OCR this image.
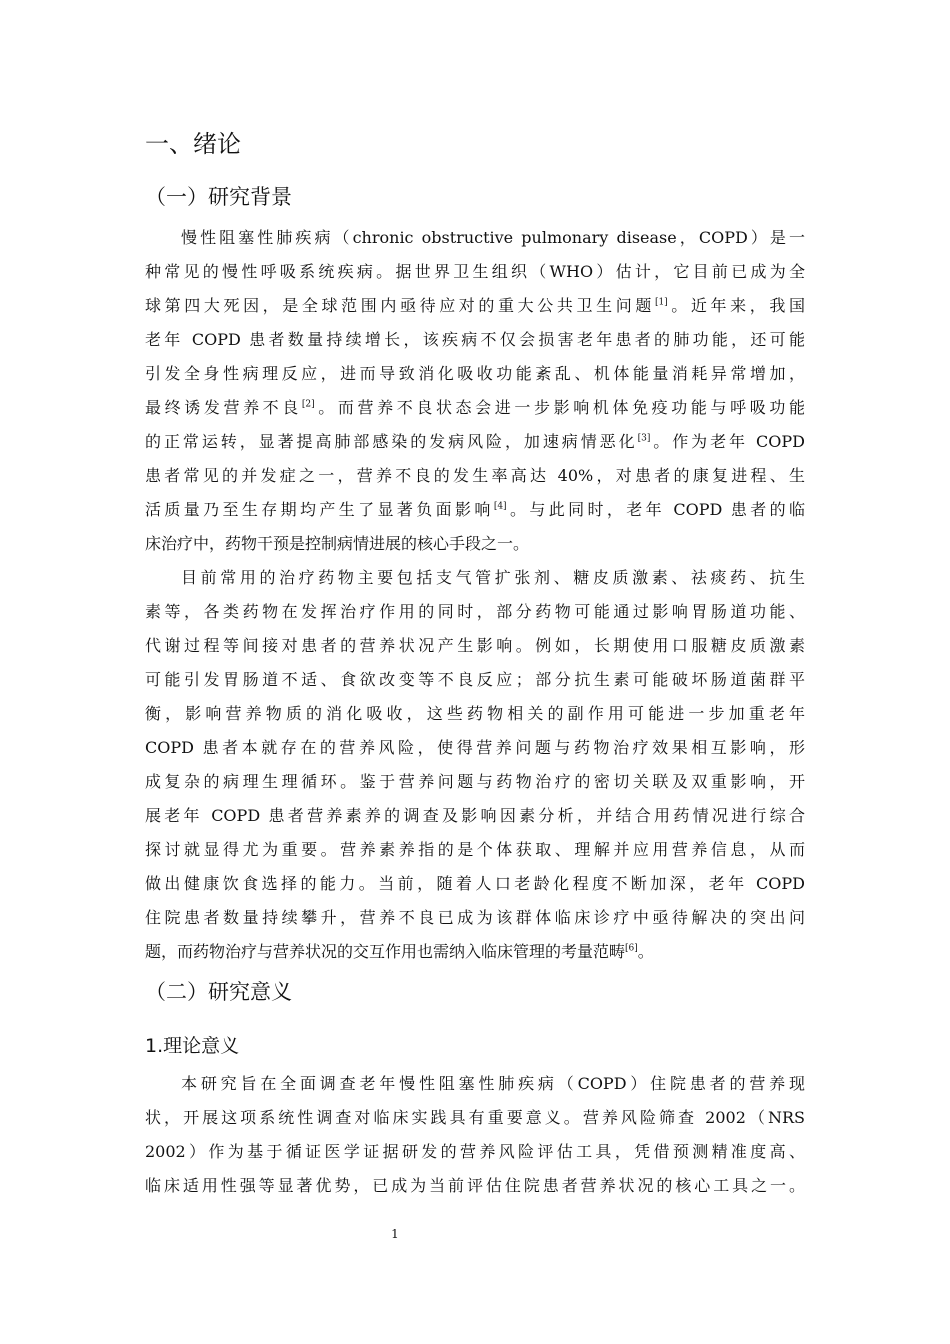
一、绪论
（一）研究背景
慢性阻塞性肺疾病（chronic obstructive pulmonary disease，COPD）是一
种常见的慢性呼吸系统疾病。据世界卫生组织（WHO）估计，它目前已成为全
球第四大死因，是全球范围内亟待应对的重大公共卫生问题[1]。近年来，我国
老年 COPD 患者数量持续增长，该疾病不仅会损害老年患者的肺功能，还可能
引发全身性病理反应，进而导致消化吸收功能紊乱、机体能量消耗异常增加，
最终诱发营养不良[2]。而营养不良状态会进一步影响机体免疫功能与呼吸功能
的正常运转，显著提高肺部感染的发病风险，加速病情恶化[3]。作为老年 COPD
患者常见的并发症之一，营养不良的发生率高达 40%，对患者的康复进程、生
活质量乃至生存期均产生了显著负面影响[4]。与此同时，老年 COPD 患者的临
床治疗中，药物干预是控制病情进展的核心手段之一。
目前常用的治疗药物主要包括支气管扩张剂、糖皮质激素、祛痰药、抗生
素等，各类药物在发挥治疗作用的同时，部分药物可能通过影响胃肠道功能、
代谢过程等间接对患者的营养状况产生影响。例如，长期使用口服糖皮质激素
可能引发胃肠道不适、食欲改变等不良反应；部分抗生素可能破坏肠道菌群平
衡，影响营养物质的消化吸收，这些药物相关的副作用可能进一步加重老年
COPD 患者本就存在的营养风险，使得营养问题与药物治疗效果相互影响，形
成复杂的病理生理循环。鉴于营养问题与药物治疗的密切关联及双重影响，开
展老年 COPD 患者营养素养的调查及影响因素分析，并结合用药情况进行综合
探讨就显得尤为重要。营养素养指的是个体获取、理解并应用营养信息，从而
做出健康饮食选择的能力。当前，随着人口老龄化程度不断加深，老年 COPD
住院患者数量持续攀升，营养不良已成为该群体临床诊疗中亟待解决的突出问
题，而药物治疗与营养状况的交互作用也需纳入临床管理的考量范畴[6]。
（二）研究意义
1.理论意义
本研究旨在全面调查老年慢性阻塞性肺疾病（COPD）住院患者的营养现
状，开展这项系统性调查对临床实践具有重要意义。营养风险筛查 2002（NRS
2002）作为基于循证医学证据研发的营养风险评估工具，凭借预测精准度高、
临床适用性强等显著优势，已成为当前评估住院患者营养状况的核心工具之一。
1
